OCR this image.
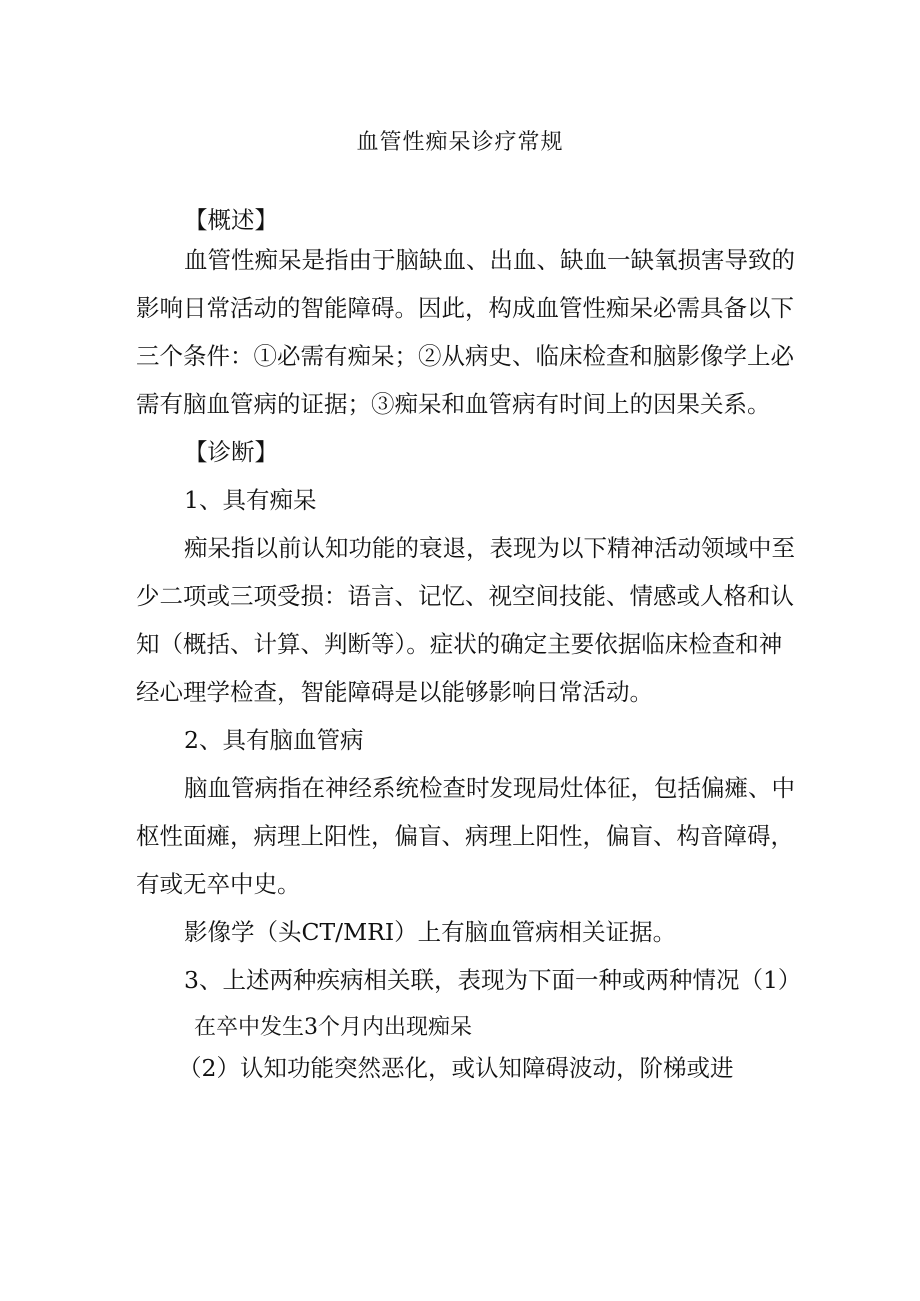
血管性痴呆诊疗常规
【概述】
血管性痴呆是指由于脑缺血、出血、缺血一缺氧损害导致的
影响日常活动的智能障碍。因此，构成血管性痴呆必需具备以下
三个条件：①必需有痴呆；②从病史、临床检查和脑影像学上必
需有脑血管病的证据；③痴呆和血管病有时间上的因果关系。
【诊断】
1、具有痴呆
痴呆指以前认知功能的衰退，表现为以下精神活动领域中至
少二项或三项受损：语言、记忆、视空间技能、情感或人格和认
知（概括、计算、判断等）。症状的确定主要依据临床检查和神
经心理学检查，智能障碍是以能够影响日常活动。
2、具有脑血管病
脑血管病指在神经系统检查时发现局灶体征，包括偏瘫、中
枢性面瘫，病理上阳性，偏盲、病理上阳性，偏盲、构音障碍，
有或无卒中史。
影像学（头CT/MRI）上有脑血管病相关证据。
3、上述两种疾病相关联，表现为下面一种或两种情况（1）
在卒中发生3个月内出现痴呆
（2）认知功能突然恶化，或认知障碍波动，阶梯或进
